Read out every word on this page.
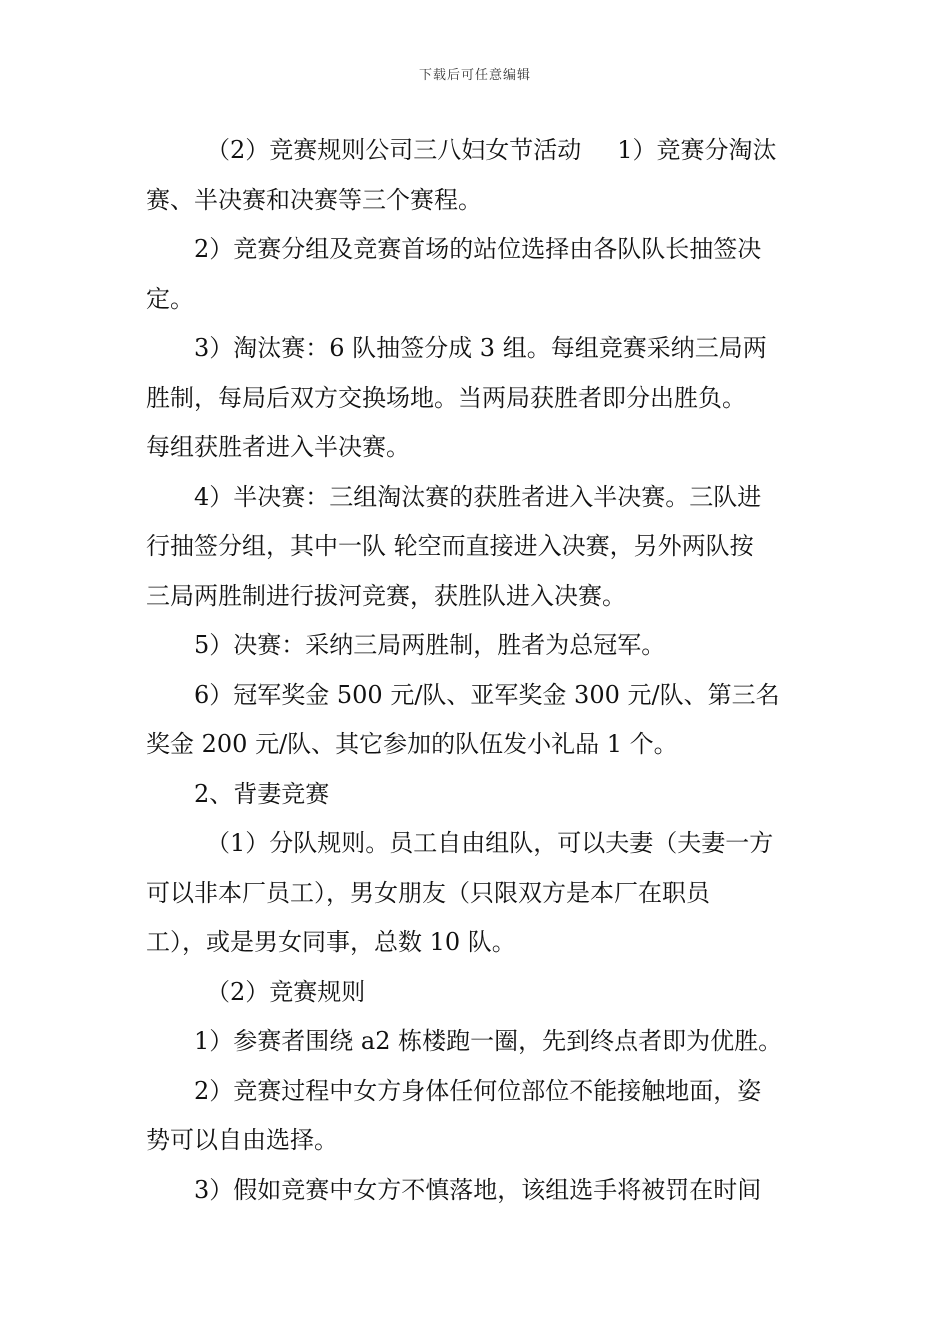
下载后可任意编辑

（2）竞赛规则公司三八妇女节活动 1）竞赛分淘汰

赛、半决赛和决赛等三个赛程。

2）竞赛分组及竞赛首场的站位选择由各队队长抽签决

定。

3）淘汰赛：6 队抽签分成 3 组。每组竞赛采纳三局两

胜制，每局后双方交换场地。当两局获胜者即分出胜负。

每组获胜者进入半决赛。

4）半决赛：三组淘汰赛的获胜者进入半决赛。三队进

行抽签分组，其中一队 轮空而直接进入决赛，另外两队按

三局两胜制进行拔河竞赛，获胜队进入决赛。

5）决赛：采纳三局两胜制，胜者为总冠军。

6）冠军奖金 500 元/队、亚军奖金 300 元/队、第三名

奖金 200 元/队、其它参加的队伍发小礼品 1 个。

2、背妻竞赛

（1）分队规则。员工自由组队，可以夫妻（夫妻一方

可以非本厂员工），男女朋友（只限双方是本厂在职员

工），或是男女同事，总数 10 队。

（2）竞赛规则

1）参赛者围绕 a2 栋楼跑一圈，先到终点者即为优胜。

2）竞赛过程中女方身体任何位部位不能接触地面，姿

势可以自由选择。

3）假如竞赛中女方不慎落地，该组选手将被罚在时间
